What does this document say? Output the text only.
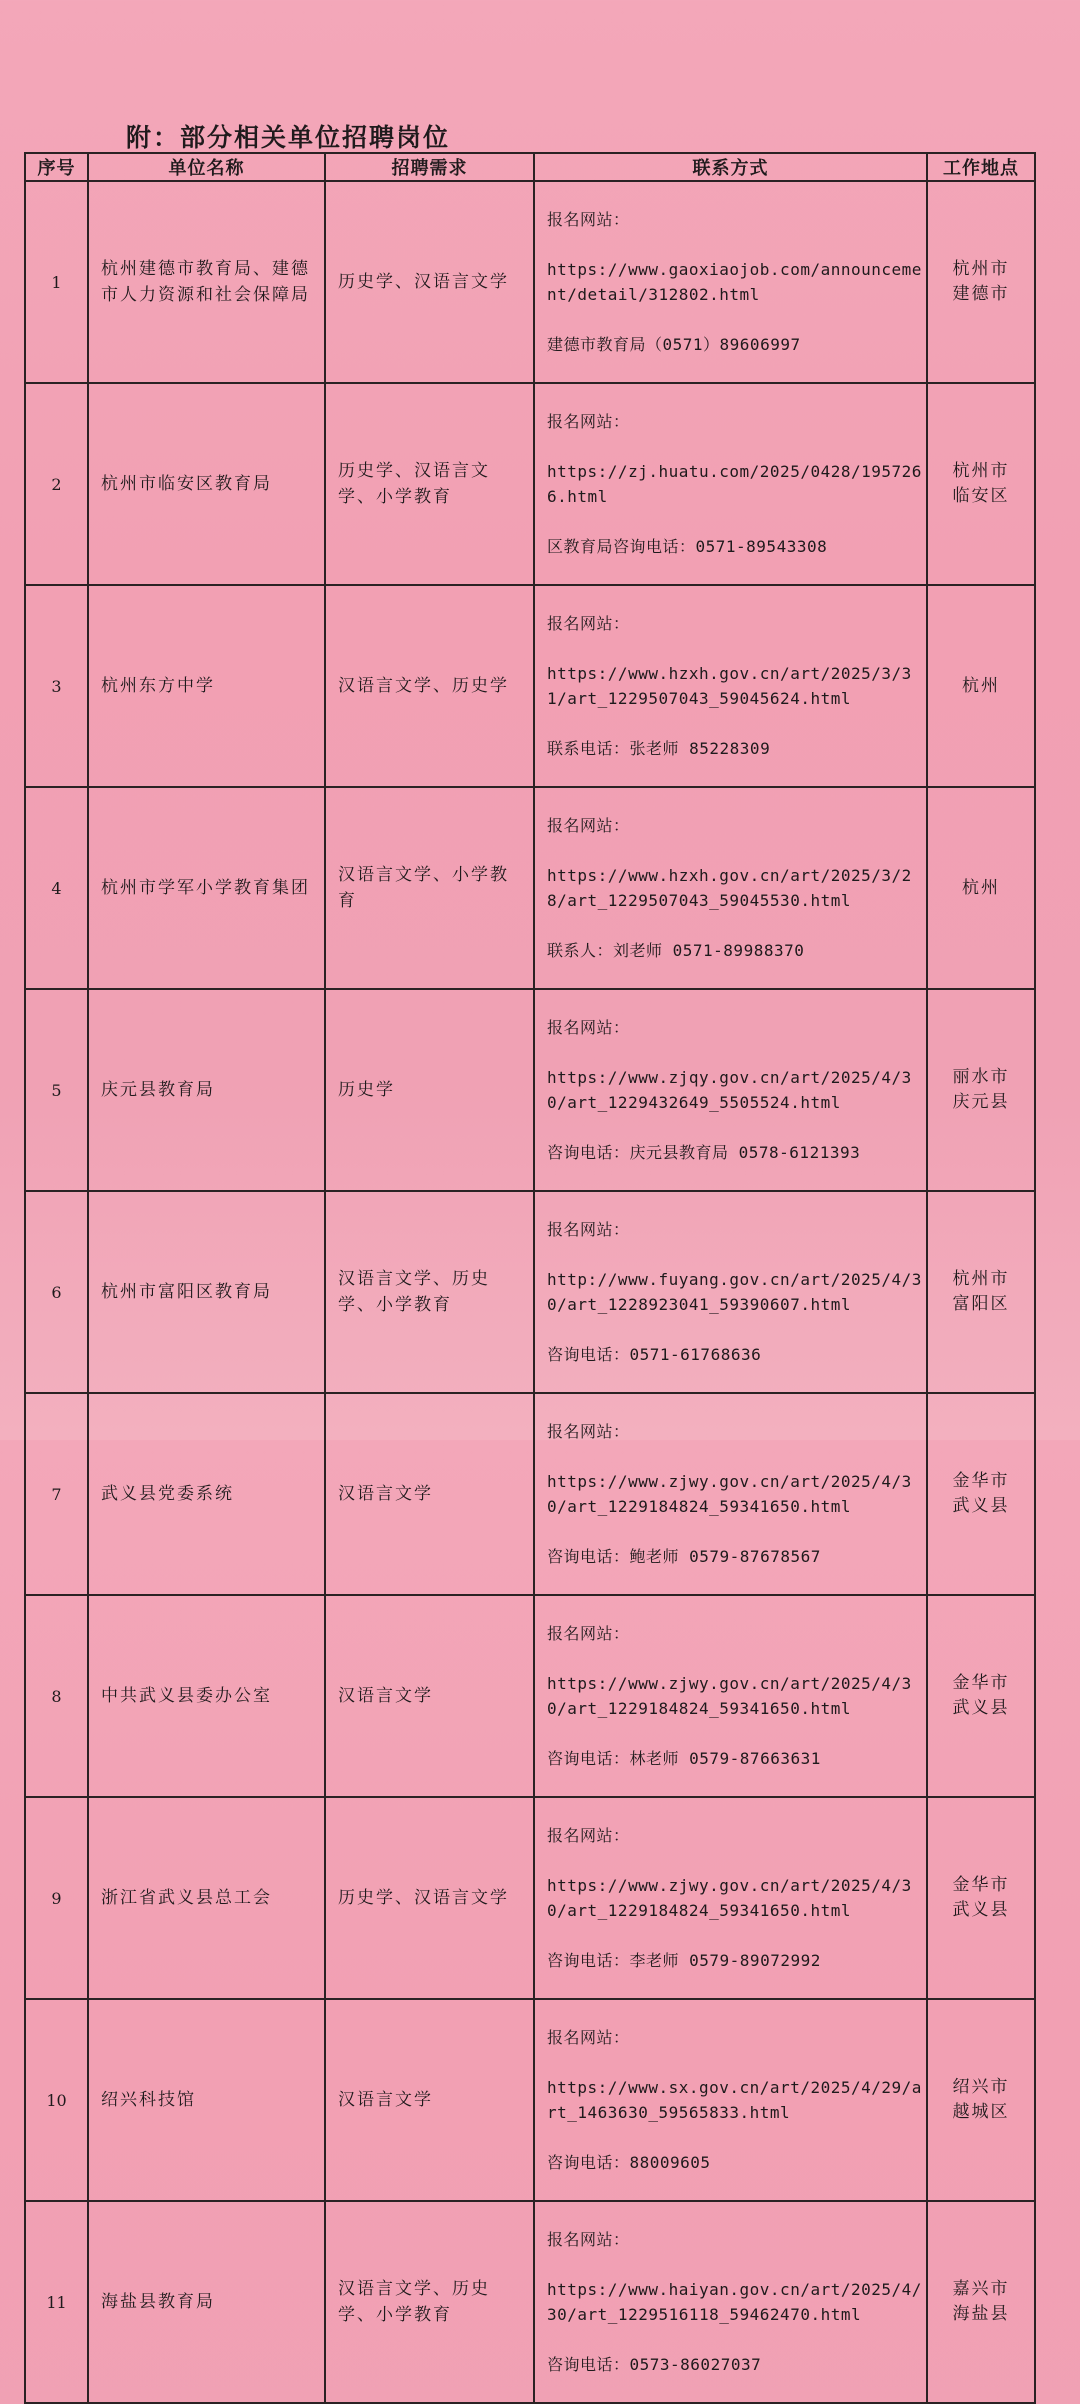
附：部分相关单位招聘岗位
序号	单位名称	招聘需求	联系方式	工作地点
1	杭州建德市教育局、建德市人力资源和社会保障局	历史学、汉语言文学	报名网站：

https://www.gaoxiaojob.com/announcement/detail/312802.html

建德市教育局（0571）89606997	杭州市
建德市
2	杭州市临安区教育局	历史学、汉语言文学、小学教育	报名网站：

https://zj.huatu.com/2025/0428/1957266.html

区教育局咨询电话：0571-89543308	杭州市
临安区
3	杭州东方中学	汉语言文学、历史学	报名网站：

https://www.hzxh.gov.cn/art/2025/3/31/art_1229507043_59045624.html

联系电话：张老师 85228309	杭州
4	杭州市学军小学教育集团	汉语言文学、小学教育	报名网站：

https://www.hzxh.gov.cn/art/2025/3/28/art_1229507043_59045530.html

联系人：刘老师 0571-89988370	杭州
5	庆元县教育局	历史学	报名网站：

https://www.zjqy.gov.cn/art/2025/4/30/art_1229432649_5505524.html

咨询电话：庆元县教育局 0578-6121393	丽水市
庆元县
6	杭州市富阳区教育局	汉语言文学、历史学、小学教育	报名网站：

http://www.fuyang.gov.cn/art/2025/4/30/art_1228923041_59390607.html

咨询电话：0571-61768636	杭州市
富阳区
7	武义县党委系统	汉语言文学	报名网站：

https://www.zjwy.gov.cn/art/2025/4/30/art_1229184824_59341650.html

咨询电话：鲍老师 0579-87678567	金华市
武义县
8	中共武义县委办公室	汉语言文学	报名网站：

https://www.zjwy.gov.cn/art/2025/4/30/art_1229184824_59341650.html

咨询电话：林老师 0579-87663631	金华市
武义县
9	浙江省武义县总工会	历史学、汉语言文学	报名网站：

https://www.zjwy.gov.cn/art/2025/4/30/art_1229184824_59341650.html

咨询电话：李老师 0579-89072992	金华市
武义县
10	绍兴科技馆	汉语言文学	报名网站：

https://www.sx.gov.cn/art/2025/4/29/art_1463630_59565833.html

咨询电话：88009605	绍兴市
越城区
11	海盐县教育局	汉语言文学、历史学、小学教育	报名网站：

https://www.haiyan.gov.cn/art/2025/4/30/art_1229516118_59462470.html

咨询电话：0573-86027037	嘉兴市
海盐县
